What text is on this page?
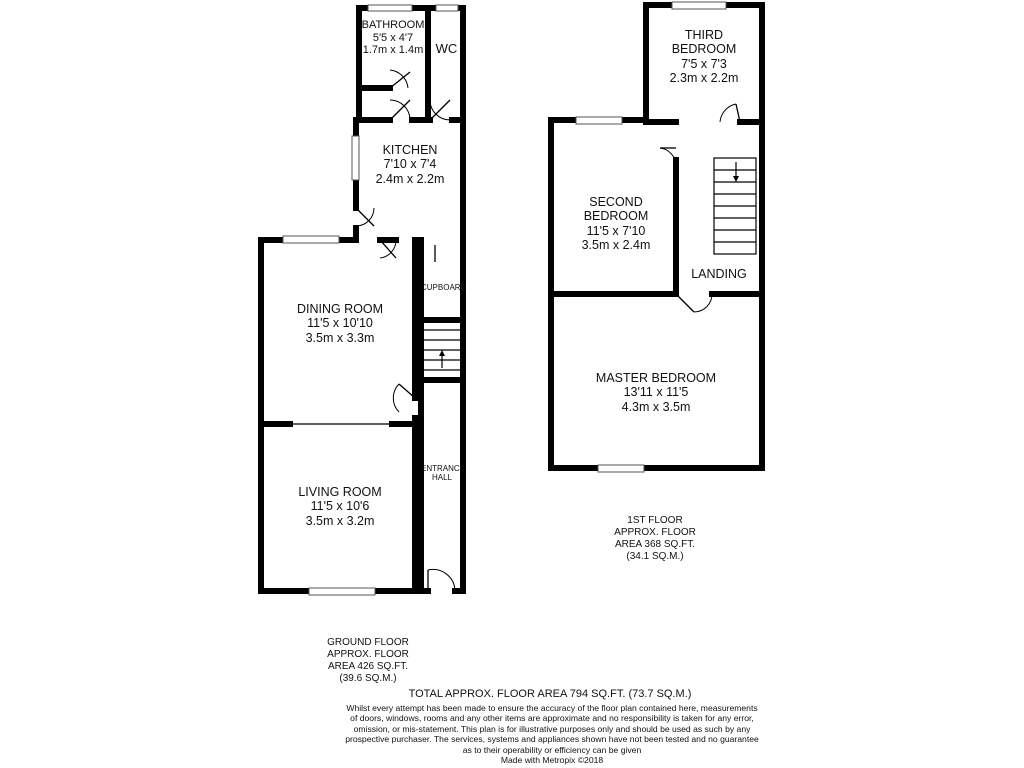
BATHROOM
5'5 x 4'7
1.7m x 1.4m WC
KITCHEN
7'10 x 7'4
2.4m x 2.2m
DINING ROOM
11'5 x 10'10
3.5m x 3.3m
LIVING ROOM
11'5 x 10'6
3.5m x 3.2m
CUPBOARD
ENTRANCE
HALL
THIRD
BEDROOM
7'5 x 7'3
2.3m x 2.2m
SECOND
BEDROOM
11'5 x 7'10
3.5m x 2.4m
LANDING
MASTER BEDROOM
13'11 x 11'5
4.3m x 3.5m
1ST FLOOR
APPROX. FLOOR
AREA 368 SQ.FT.
(34.1 SQ.M.)
GROUND FLOOR
APPROX. FLOOR
AREA 426 SQ.FT.
(39.6 SQ.M.)
TOTAL APPROX. FLOOR AREA 794 SQ.FT. (73.7 SQ.M.)
Whilst every attempt has been made to ensure the accuracy of the floor plan contained here, measurements
of doors, windows, rooms and any other items are approximate and no responsibility is taken for any error,
omission, or mis-statement. This plan is for illustrative purposes only and should be used as such by any
prospective purchaser. The services, systems and appliances shown have not been tested and no guarantee
as to their operability or efficiency can be given
Made with Metropix ©2018
